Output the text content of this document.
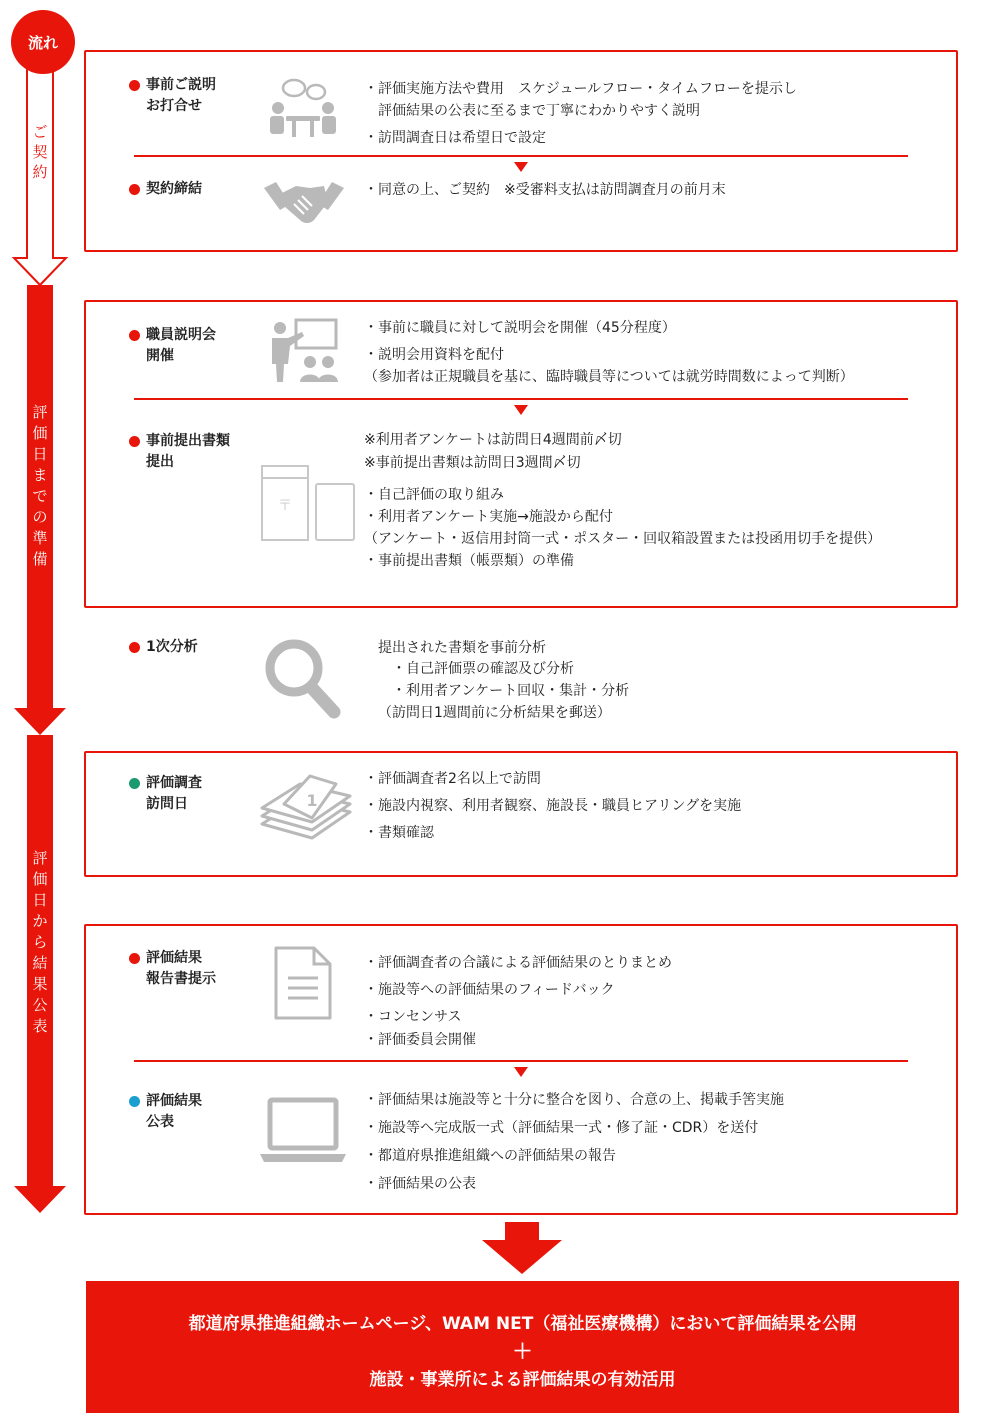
流れ
ご契約
評価日までの準備
評価日から結果公表
事前ご説明
お打合せ
・評価実施方法や費用　スケジュールフロー・タイムフローを提示し
　評価結果の公表に至るまで丁寧にわかりやすく説明
・訪問調査日は希望日で設定
契約締結	・同意の上、ご契約　※受審料支払は訪問調査月の前月末
職員説明会
開催
・事前に職員に対して説明会を開催（45分程度）
・説明会用資料を配付
（参加者は正規職員を基に、臨時職員等については就労時間数によって判断）
事前提出書類
提出
〒
※利用者アンケートは訪問日4週間前〆切
※事前提出書類は訪問日3週間〆切
・自己評価の取り組み
・利用者アンケート実施→施設から配付
（アンケート・返信用封筒一式・ポスター・回収箱設置または投函用切手を提供）
・事前提出書類（帳票類）の準備
1次分析	提出された書類を事前分析
　・自己評価票の確認及び分析
　・利用者アンケート回収・集計・分析
（訪問日1週間前に分析結果を郵送）
評価調査
訪問日	1
・評価調査者2名以上で訪問
・施設内視察、利用者観察、施設長・職員ヒアリングを実施
・書類確認
評価結果
報告書提示
・評価調査者の合議による評価結果のとりまとめ
・施設等への評価結果のフィードバック
・コンセンサス
・評価委員会開催
評価結果
公表
・評価結果は施設等と十分に整合を図り、合意の上、掲載手筈実施
・施設等へ完成版一式（評価結果一式・修了証・CDR）を送付
・都道府県推進組織への評価結果の報告
・評価結果の公表
都道府県推進組織ホームページ、WAM NET（福祉医療機構）において評価結果を公開
＋
施設・事業所による評価結果の有効活用
